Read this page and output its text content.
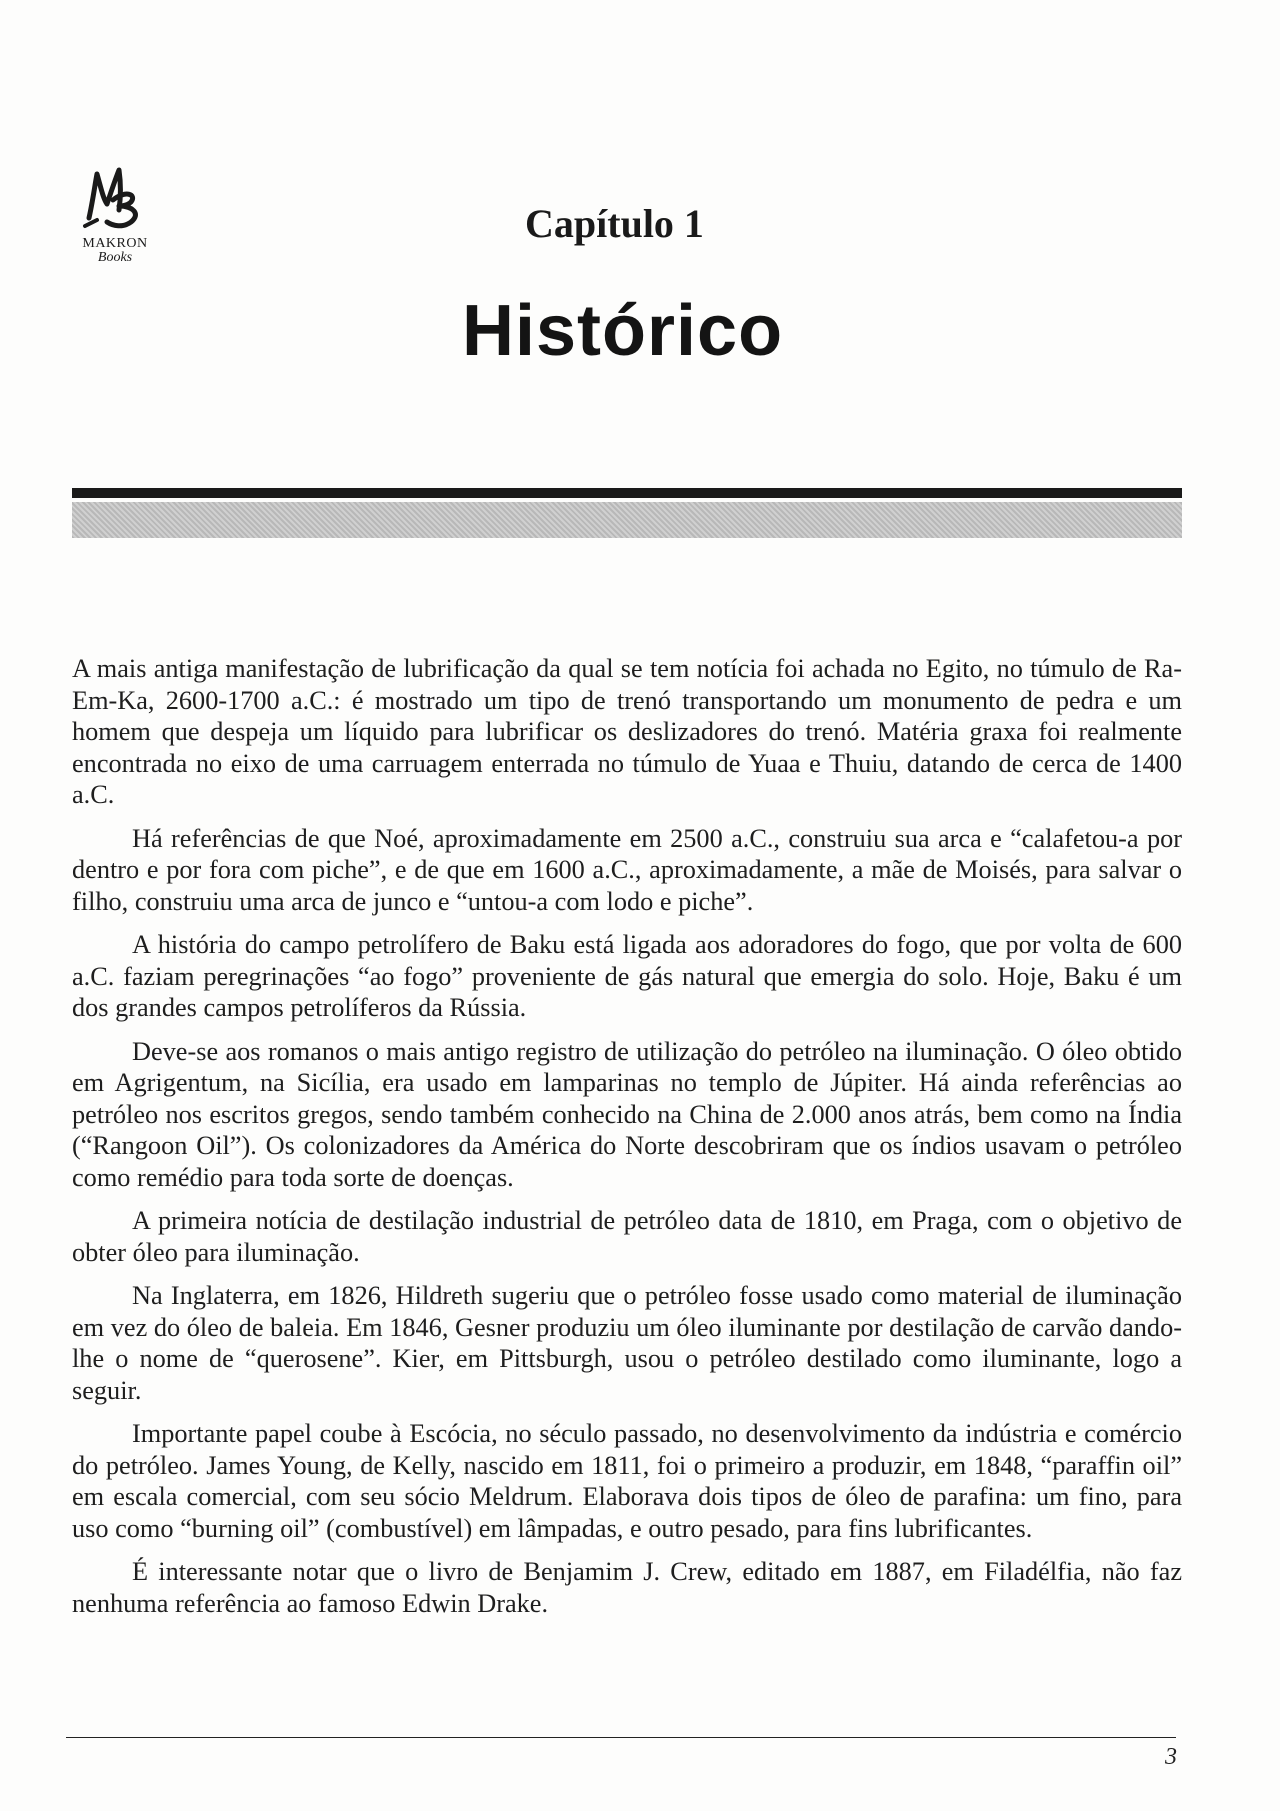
MAKRON
Books
Capítulo 1
Histórico

A mais antiga manifestação de lubrificação da qual se tem notícia foi achada no Egito, no túmulo de Ra-Em-Ka, 2600-1700 a.C.: é mostrado um tipo de trenó transportando um monumento de pedra e um homem que despeja um líquido para lubrificar os deslizadores do trenó. Matéria graxa foi realmente encontrada no eixo de uma carruagem enterrada no túmulo de Yuaa e Thuiu, datando de cerca de 1400 a.C.

Há referências de que Noé, aproximadamente em 2500 a.C., construiu sua arca e “calafetou-a por dentro e por fora com piche”, e de que em 1600 a.C., aproximadamente, a mãe de Moisés, para salvar o filho, construiu uma arca de junco e “untou-a com lodo e piche”.

A história do campo petrolífero de Baku está ligada aos adoradores do fogo, que por volta de 600 a.C. faziam peregrinações “ao fogo” proveniente de gás natural que emergia do solo. Hoje, Baku é um dos grandes campos petrolíferos da Rússia.

Deve-se aos romanos o mais antigo registro de utilização do petróleo na iluminação. O óleo obtido em Agrigentum, na Sicília, era usado em lamparinas no templo de Júpiter. Há ainda referências ao petróleo nos escritos gregos, sendo também conhecido na China de 2.000 anos atrás, bem como na Índia (“Rangoon Oil”). Os colonizadores da América do Norte descobriram que os índios usavam o petróleo como remédio para toda sorte de doenças.

A primeira notícia de destilação industrial de petróleo data de 1810, em Praga, com o objetivo de obter óleo para iluminação.

Na Inglaterra, em 1826, Hildreth sugeriu que o petróleo fosse usado como material de iluminação em vez do óleo de baleia. Em 1846, Gesner produziu um óleo iluminante por destilação de carvão dando-lhe o nome de “querosene”. Kier, em Pittsburgh, usou o petróleo destilado como iluminante, logo a seguir.

Importante papel coube à Escócia, no século passado, no desenvolvimento da indústria e comércio do petróleo. James Young, de Kelly, nascido em 1811, foi o primeiro a produzir, em 1848, “paraffin oil” em escala comercial, com seu sócio Meldrum. Elaborava dois tipos de óleo de parafina: um fino, para uso como “burning oil” (combustível) em lâmpadas, e outro pesado, para fins lubrificantes.

É interessante notar que o livro de Benjamim J. Crew, editado em 1887, em Filadélfia, não faz nenhuma referência ao famoso Edwin Drake.

3
